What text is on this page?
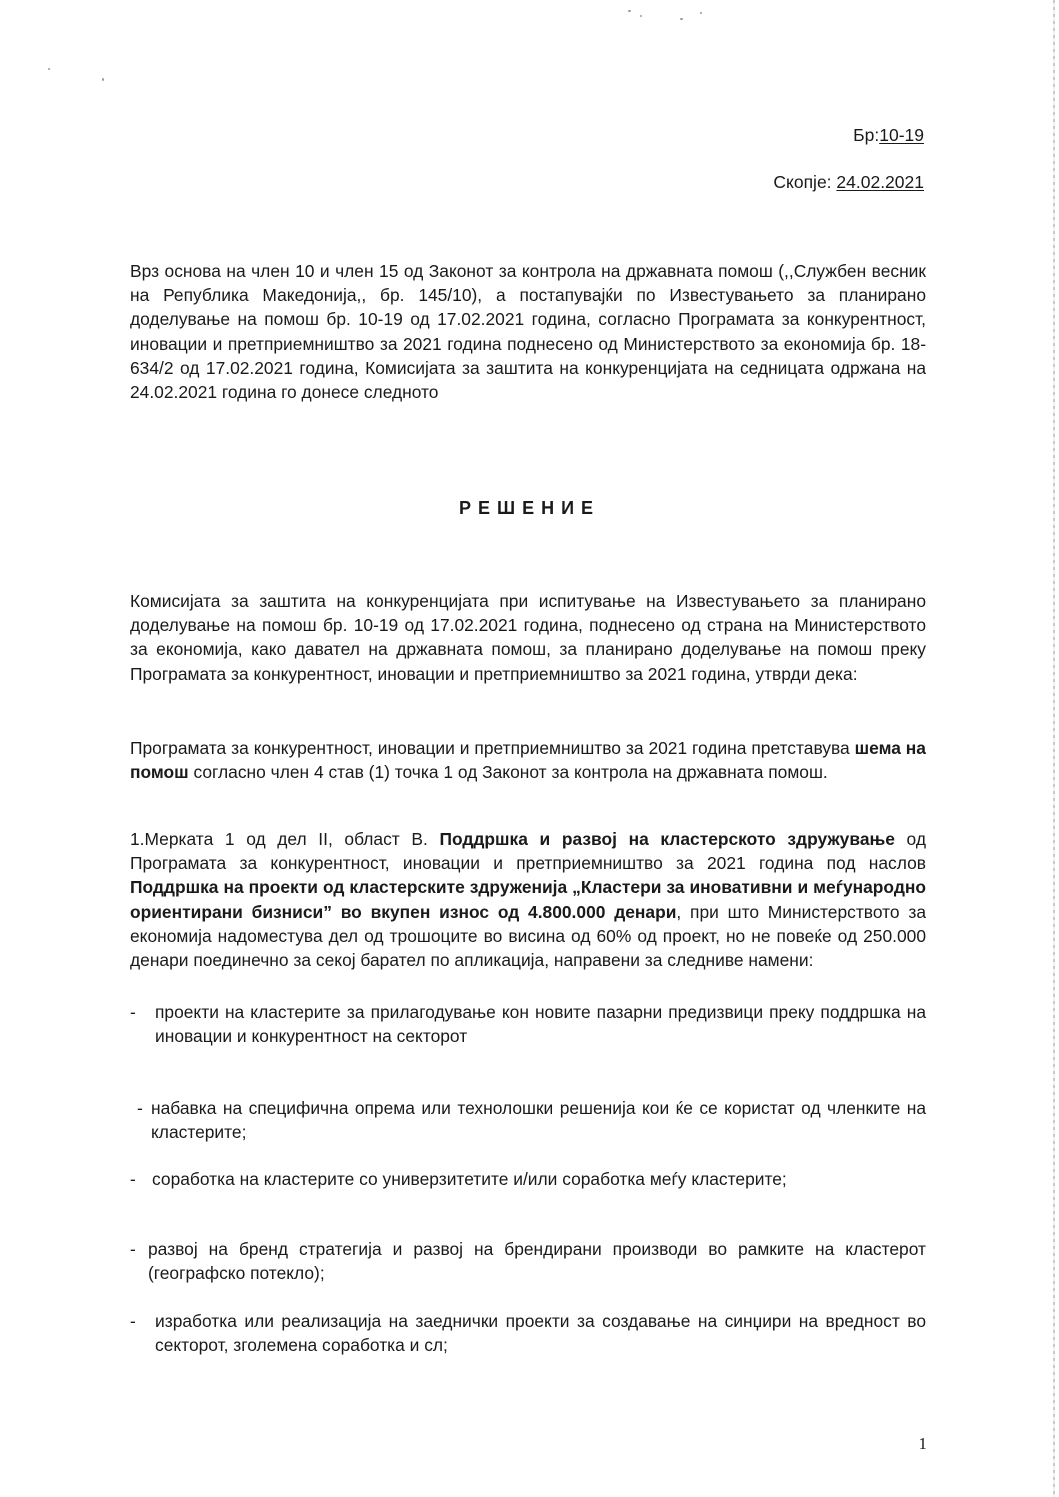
Бр:10-19
Скопје: 24.02.2021
Врз основа на член 10 и член 15 од Законот за контрола на државната помош (,,Службен весник на Република Македонија,, бр. 145/10), а постапувајќи по Известувањето за планирано доделување на помош бр. 10-19 од 17.02.2021 година, согласно Програмата за конкурентност, иновации и претприемништво за 2021 година поднесено од Министерството за економија бр. 18-634/2 од 17.02.2021 година, Комисијата за заштита на конкуренцијата на седницата одржана на 24.02.2021 година го донесе следното
РЕШЕНИЕ
Комисијата за заштита на конкуренцијата при испитување на Известувањето за планирано доделување на помош бр. 10-19 од 17.02.2021 година, поднесено од страна на Министерството за економија, како давател на државната помош, за планирано доделување на помош преку Програмата за конкурентност, иновации и претприемништво за 2021 година, утврди дека:
Програмата за конкурентност, иновации и претприемништво за 2021 година претставува шема на помош согласно член 4 став (1) точка 1 од Законот за контрола на државната помош.
1.Мерката 1 од дел II, област В. Поддршка и развој на кластерското здружување од Програмата за конкурентност, иновации и претприемништво за 2021 година под наслов Поддршка на проекти од кластерските здруженија „Кластери за иновативни и меѓународно ориентирани бизниси” во вкупен износ од 4.800.000 денари, при што Министерството за економија надоместува дел од трошоците во висина од 60% од проект, но не повеќе од 250.000 денари поединечно за секој барател по апликација, направени за следниве намени:
- проекти на кластерите за прилагодување кон новите пазарни предизвици преку поддршка на иновации и конкурентност на секторот
- набавка на специфична опрема или технолошки решенија кои ќе се користат од членките на кластерите;
- соработка на кластерите со универзитетите и/или соработка меѓу кластерите;
- развој на бренд стратегија и развој на брендирани производи во рамките на кластерот (географско потекло);
- изработка или реализација на заеднички проекти за создавање на синџири на вредност во секторот, зголемена соработка и сл;
1
